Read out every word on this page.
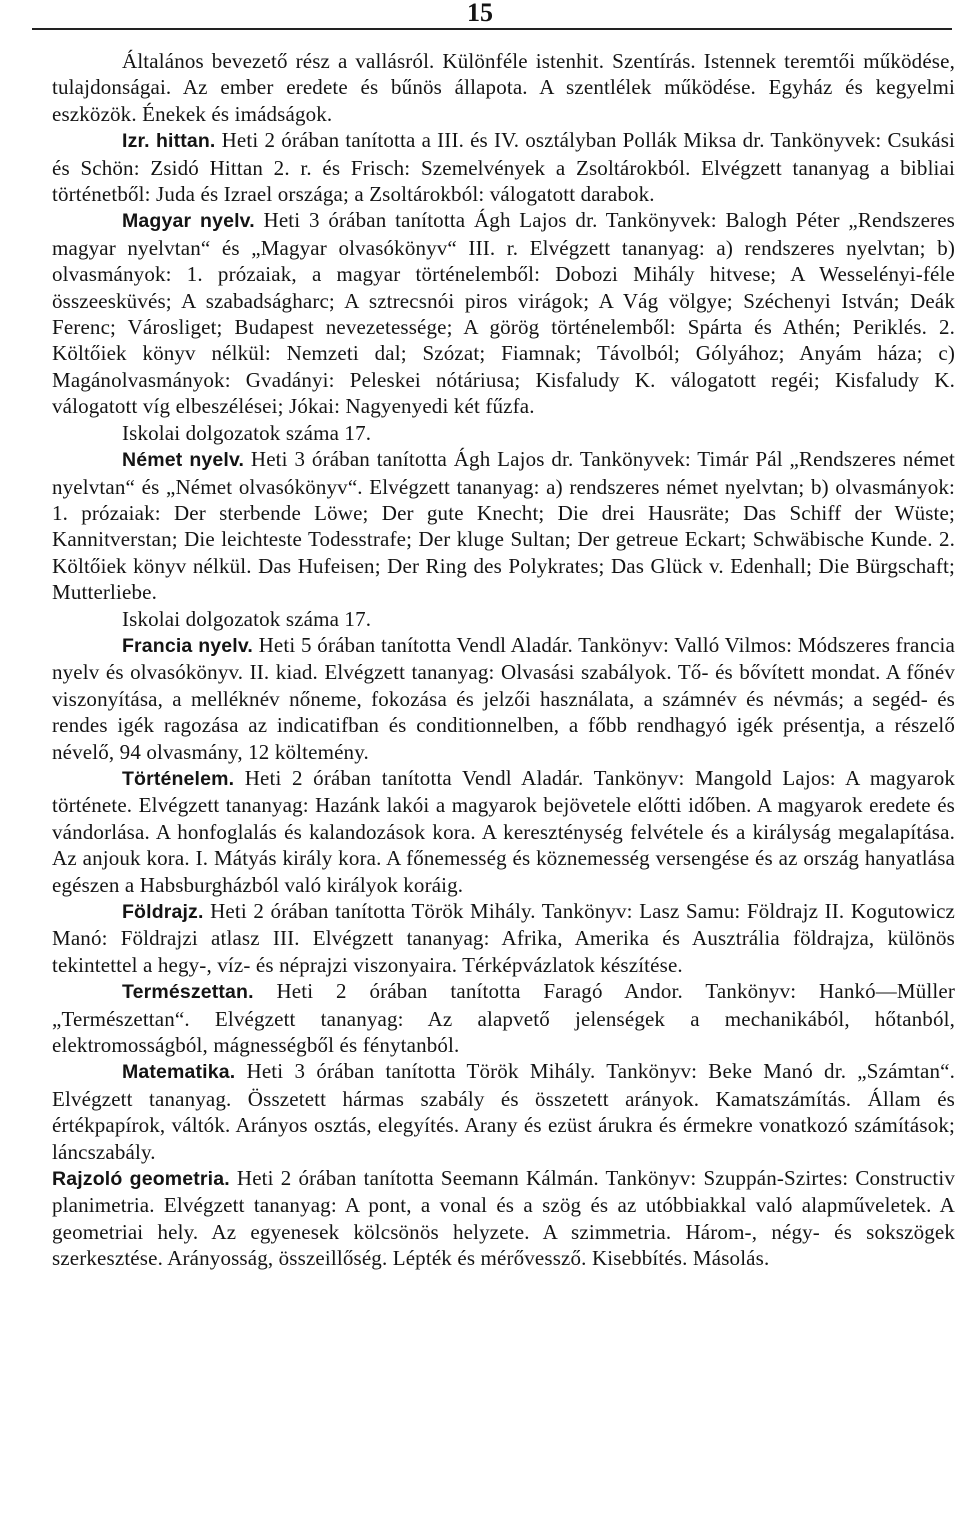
15

Általános bevezető rész a vallásról. Különféle istenhit. Szentírás. Istennek teremtői működése, tulajdonságai. Az ember eredete és bűnös állapota. A szentlélek működése. Egyház és kegyelmi eszközök. Énekek és imádságok.

Izr. hittan. Heti 2 órában tanította a III. és IV. osztályban Pollák Miksa dr. Tankönyvek: Csukási és Schön: Zsidó Hittan 2. r. és Frisch: Szemelvények a Zsoltárokból. Elvégzett tananyag a bibliai történetből: Juda és Izrael országa; a Zsoltárokból: válogatott darabok.

Magyar nyelv. Heti 3 órában tanította Ágh Lajos dr. Tankönyvek: Balogh Péter „Rendszeres magyar nyelvtan“ és „Magyar olvasókönyv“ III. r. Elvégzett tananyag: a) rendszeres nyelvtan; b) olvasmányok: 1. prózaiak, a magyar történelemből: Dobozi Mihály hitvese; A Wesselényi-féle összeesküvés; A szabadságharc; A sztrecsnói piros virágok; A Vág völgye; Széchenyi István; Deák Ferenc; Városliget; Budapest nevezetessége; A görög történelemből: Spárta és Athén; Periklés. 2. Költőiek könyv nélkül: Nemzeti dal; Szózat; Fiamnak; Távolból; Gólyához; Anyám háza; c) Magánolvasmányok: Gvadányi: Peleskei nótáriusa; Kisfaludy K. válogatott regéi; Kisfaludy K. válogatott víg elbeszélései; Jókai: Nagyenyedi két fűzfa.

Iskolai dolgozatok száma 17.

Német nyelv. Heti 3 órában tanította Ágh Lajos dr. Tankönyvek: Timár Pál „Rendszeres német nyelvtan“ és „Német olvasókönyv“. Elvégzett tananyag: a) rendszeres német nyelvtan; b) olvasmányok: 1. prózaiak: Der sterbende Löwe; Der gute Knecht; Die drei Hausräte; Das Schiff der Wüste; Kannitverstan; Die leichteste Todesstrafe; Der kluge Sultan; Der getreue Eckart; Schwäbische Kunde. 2. Költőiek könyv nélkül. Das Hufeisen; Der Ring des Polykrates; Das Glück v. Edenhall; Die Bürgschaft; Mutterliebe.

Iskolai dolgozatok száma 17.

Francia nyelv. Heti 5 órában tanította Vendl Aladár. Tankönyv: Valló Vilmos: Módszeres francia nyelv és olvasókönyv. II. kiad. Elvégzett tananyag: Olvasási szabályok. Tő- és bővített mondat. A főnév viszonyítása, a melléknév nőneme, fokozása és jelzői használata, a számnév és névmás; a segéd- és rendes igék ragozása az indicatifban és conditionnelben, a főbb rendhagyó igék présentja, a részelő névelő, 94 olvasmány, 12 költemény.

Történelem. Heti 2 órában tanította Vendl Aladár. Tankönyv: Mangold Lajos: A magyarok története. Elvégzett tananyag: Hazánk lakói a magyarok bejövetele előtti időben. A magyarok eredete és vándorlása. A honfoglalás és kalandozások kora. A kereszténység felvétele és a királyság megalapítása. Az anjouk kora. I. Mátyás király kora. A főnemesség és köznemesség versengése és az ország hanyatlása egészen a Habsburgházból való királyok koráig.

Földrajz. Heti 2 órában tanította Török Mihály. Tankönyv: Lasz Samu: Földrajz II. Kogutowicz Manó: Földrajzi atlasz III. Elvégzett tananyag: Afrika, Amerika és Ausztrália földrajza, különös tekintettel a hegy-, víz- és néprajzi viszonyaira. Térképvázlatok készítése.

Természettan. Heti 2 órában tanította Faragó Andor. Tankönyv: Hankó—Müller „Természettan“. Elvégzett tananyag: Az alapvető jelenségek a mechanikából, hőtanból, elektromosságból, mágnességből és fénytanból.

Matematika. Heti 3 órában tanította Török Mihály. Tankönyv: Beke Manó dr. „Számtan“. Elvégzett tananyag. Összetett hármas szabály és összetett arányok. Kamatszámítás. Állam és értékpapírok, váltók. Arányos osztás, elegyítés. Arany és ezüst árukra és érmekre vonatkozó számítások; láncszabály.

Rajzoló geometria. Heti 2 órában tanította Seemann Kálmán. Tankönyv: Szuppán-Szirtes: Constructiv planimetria. Elvégzett tananyag: A pont, a vonal és a szög és az utóbbiakkal való alapműveletek. A geometriai hely. Az egyenesek kölcsönös helyzete. A szimmetria. Három-, négy- és sokszögek szerkesztése. Arányosság, összeillőség. Lépték és mérővessző. Kisebbítés. Másolás.
